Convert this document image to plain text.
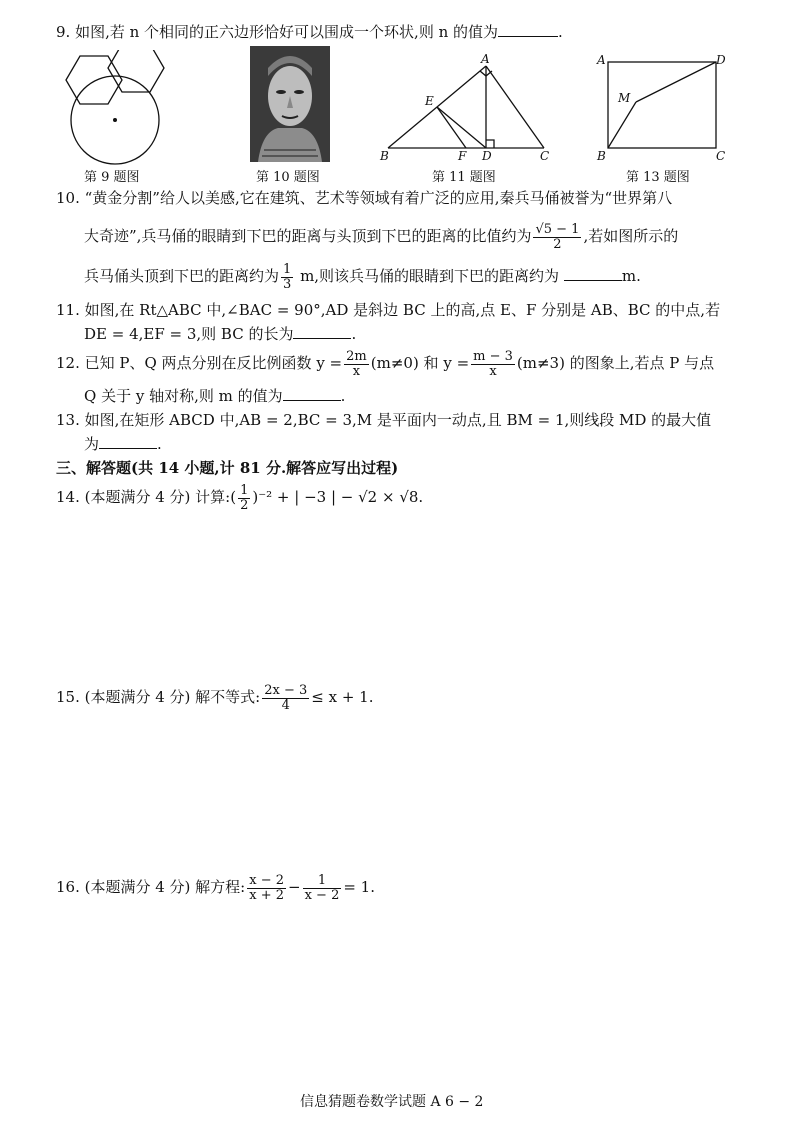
9. 如图,若 n 个相同的正六边形恰好可以围成一个环状,则 n 的值为	.
A
B	C
D
E
F
A
B	C
D
M
第 9 题图	第 10 题图	第 11 题图	第 13 题图
10. “黄金分割”给人以美感,它在建筑、艺术等领域有着广泛的应用,秦兵马俑被誉为“世界第八
大奇迹”,兵马俑的眼睛到下巴的距离与头顶到下巴的距离的比值约为 $\frac{√5 - 1}{2}$ ,若如图所示的
兵马俑头顶到下巴的距离约为 $\frac{1}{3} m$,则该兵马俑的眼睛到下巴的距离约为	m.
11. 如图,在 Rt△ABC 中,∠BAC = 90°,AD 是斜边 BC 上的高,点 E、F 分别是 AB、BC 的中点,若
DE = 4,EF = 3,则 BC 的长为	.
12. 已知 P、Q 两点分别在反比例函数 $y = \frac{2m}{x} (m\ne 0)$ 和 $y = \frac{m - 3}{x} (m\ne 3)$ 的图象上,若点 P 与点
Q 关于 y 轴对称,则 m 的值为	.
13. 如图,在矩形 ABCD 中,AB = 2,BC = 3,M 是平面内一动点,且 BM = 1,则线段 MD 的最大值
为	.
三、解答题(共 14 小题,计 81 分.解答应写出过程)
14. (本题满分 4 分) 计算:( $\frac{1}{2} )^{-2}$ + | −3 | − √2 × √8.
15. (本题满分 4 分) 解不等式: $\frac{2x - 3}{4} \le x + 1$.
16. (本题满分 4 分) 解方程: $\frac{x - 2}{x + 2} - \frac{1}{x - 2} = 1$.
信息猜题卷数学试题 A 6 − 2
